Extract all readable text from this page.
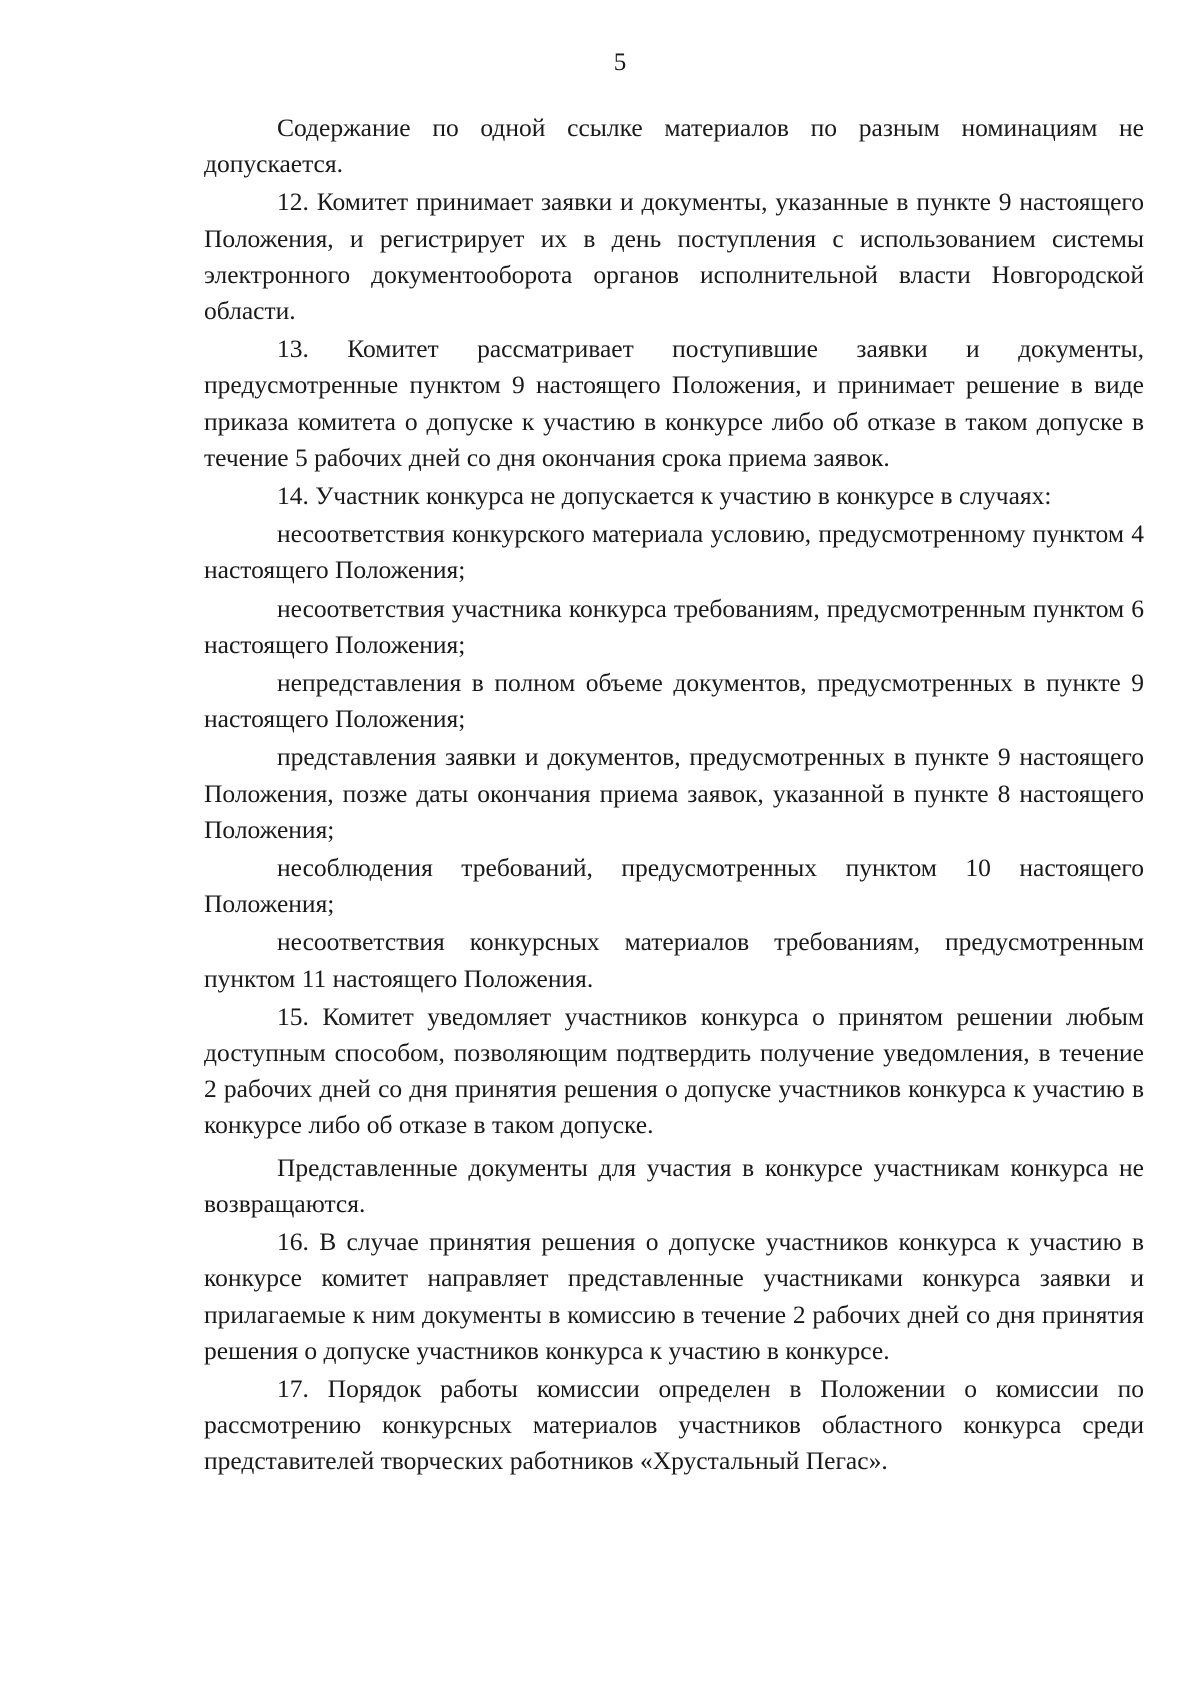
5

Содержание по одной ссылке материалов по разным номинациям не допускается.

12. Комитет принимает заявки и документы, указанные в пункте 9 настоящего Положения, и регистрирует их в день поступления с использованием системы электронного документооборота органов исполнительной власти Новгородской области.

13. Комитет рассматривает поступившие заявки и документы, предусмотренные пунктом 9 настоящего Положения, и принимает решение в виде приказа комитета о допуске к участию в конкурсе либо об отказе в таком допуске в течение 5 рабочих дней со дня окончания срока приема заявок.

14. Участник конкурса не допускается к участию в конкурсе в случаях:

несоответствия конкурского материала условию, предусмотренному пунктом 4 настоящего Положения;

несоответствия участника конкурса требованиям, предусмотренным пунктом 6 настоящего Положения;

непредставления в полном объеме документов, предусмотренных в пункте 9 настоящего Положения;

представления заявки и документов, предусмотренных в пункте 9 настоящего Положения, позже даты окончания приема заявок, указанной в пункте 8 настоящего Положения;

несоблюдения требований, предусмотренных пунктом 10 настоящего Положения;

несоответствия конкурсных материалов требованиям, предусмотренным пунктом 11 настоящего Положения.

15. Комитет уведомляет участников конкурса о принятом решении любым доступным способом, позволяющим подтвердить получение уведомления, в течение 2 рабочих дней со дня принятия решения о допуске участников конкурса к участию в конкурсе либо об отказе в таком допуске.

Представленные документы для участия в конкурсе участникам конкурса не возвращаются.

16. В случае принятия решения о допуске участников конкурса к участию в конкурсе комитет направляет представленные участниками конкурса заявки и прилагаемые к ним документы в комиссию в течение 2 рабочих дней со дня принятия решения о допуске участников конкурса к участию в конкурсе.

17. Порядок работы комиссии определен в Положении о комиссии по рассмотрению конкурсных материалов участников областного конкурса среди представителей творческих работников «Хрустальный Пегас».
